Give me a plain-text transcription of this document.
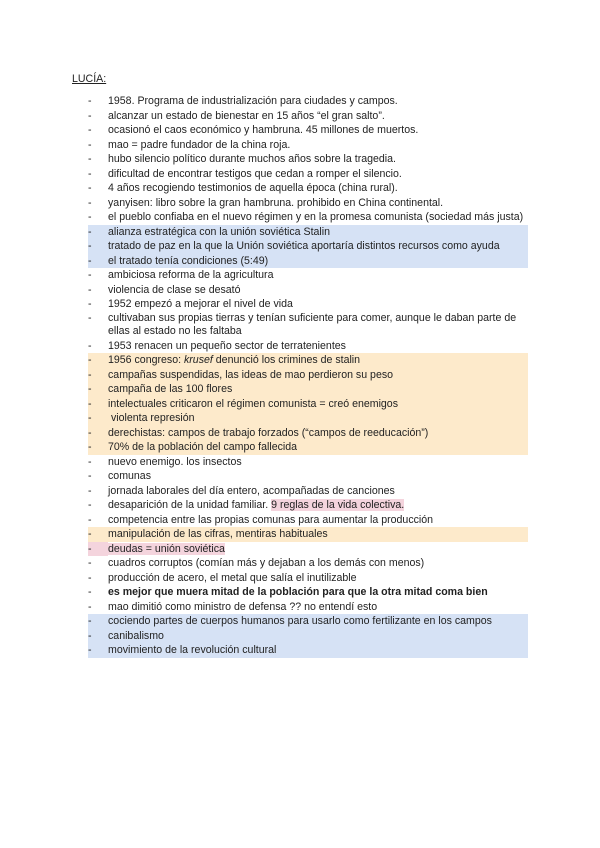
LUCÍA:
-	1958. Programa de industrialización para ciudades y campos.
-	alcanzar un estado de bienestar en 15 años “el gran salto”.
-	ocasionó el caos económico y hambruna. 45 millones de muertos.
-	mao = padre fundador de la china roja.
-	hubo silencio político durante muchos años sobre la tragedia.
-	dificultad de encontrar testigos que cedan a romper el silencio.
-	4 años recogiendo testimonios de aquella época (china rural).
-	yanyisen: libro sobre la gran hambruna. prohibido en China continental.
-	el pueblo confiaba en el nuevo régimen y en la promesa comunista (sociedad más justa)
-	alianza estratégica con la unión soviética Stalin
-	tratado de paz en la que la Unión soviética aportaría distintos recursos como ayuda
-	el tratado tenía condiciones (5:49)
-	ambiciosa reforma de la agricultura
-	violencia de clase se desató
-	1952 empezó a mejorar el nivel de vida
-	cultivaban sus propias tierras y tenían suficiente para comer, aunque le daban parte de ellas al estado no les faltaba
-	1953 renacen un pequeño sector de terratenientes
-	1956 congreso: krusef denunció los crimines de stalin
-	campañas suspendidas, las ideas de mao perdieron su peso
-	campaña de las 100 flores
-	intelectuales criticaron el régimen comunista = creó enemigos
-	violenta represión
-	derechistas: campos de trabajo forzados (“campos de reeducación”)
-	70% de la población del campo fallecida
-	nuevo enemigo. los insectos
-	comunas
-	jornada laborales del día entero, acompañadas de canciones
-	desaparición de la unidad familiar. 9 reglas de la vida colectiva.
-	competencia entre las propias comunas para aumentar la producción
-	manipulación de las cifras, mentiras habituales
-	deudas = unión soviética
-	cuadros corruptos (comían más y dejaban a los demás con menos)
-	producción de acero, el metal que salía el inutilizable
-	es mejor que muera mitad de la población para que la otra mitad coma bien
-	mao dimitió como ministro de defensa ?? no entendí esto
-	cociendo partes de cuerpos humanos para usarlo como fertilizante en los campos
-	canibalismo
-	movimiento de la revolución cultural
